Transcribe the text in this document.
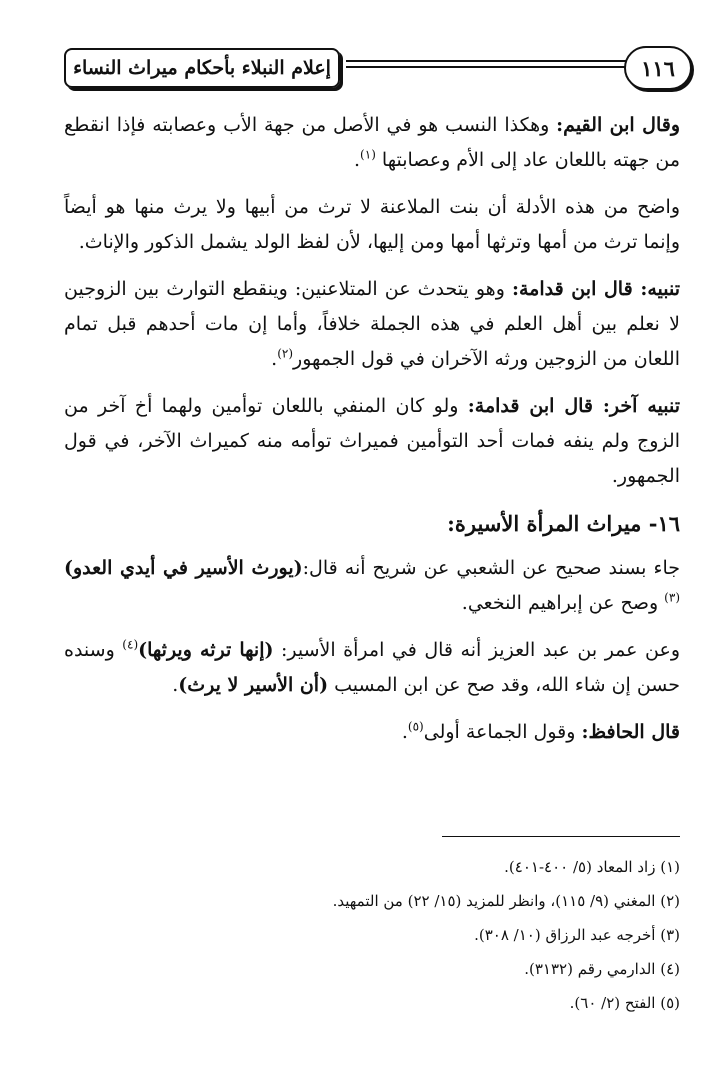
إعلام النبلاء بأحكام ميراث النساء	١١٦

وقال ابن القيم: وهكذا النسب هو في الأصل من جهة الأب وعصابته فإذا انقطع من جهته باللعان عاد إلى الأم وعصابتها $^{(١)}$.

واضح من هذه الأدلة أن بنت الملاعنة لا ترث من أبيها ولا يرث منها هو أيضاً وإنما ترث من أمها وترثها أمها ومن إليها، لأن لفظ الولد يشمل الذكور والإناث.

تنبيه: قال ابن قدامة: وهو يتحدث عن المتلاعنين: وينقطع التوارث بين الزوجين لا نعلم بين أهل العلم في هذه الجملة خلافاً، وأما إن مات أحدهم قبل تمام اللعان من الزوجين ورثه الآخران في قول الجمهور$^{(٢)}$.

تنبيه آخر: قال ابن قدامة: ولو كان المنفي باللعان توأمين ولهما أخ آخر من الزوج ولم ينفه فمات أحد التوأمين فميراث توأمه منه كميراث الآخر، في قول الجمهور.

١٦- ميراث المرأة الأسيرة:

جاء بسند صحيح عن الشعبي عن شريح أنه قال:(يورث الأسير في أيدي العدو)$^{(٣)}$ وصح عن إبراهيم النخعي.

وعن عمر بن عبد العزيز أنه قال في امرأة الأسير: (إنها ترثه ويرثها)$^{(٤)}$ وسنده حسن إن شاء الله، وقد صح عن ابن المسيب (أن الأسير لا يرث).

قال الحافظ: وقول الجماعة أولى$^{(٥)}$.

(١) زاد المعاد (٥/ ٤٠٠-٤٠١).
(٢) المغني (٩/ ١١٥)، وانظر للمزيد (١٥/ ٢٢) من التمهيد.
(٣) أخرجه عبد الرزاق (١٠/ ٣٠٨).
(٤) الدارمي رقم (٣١٣٢).
(٥) الفتح (٢/ ٦٠).
